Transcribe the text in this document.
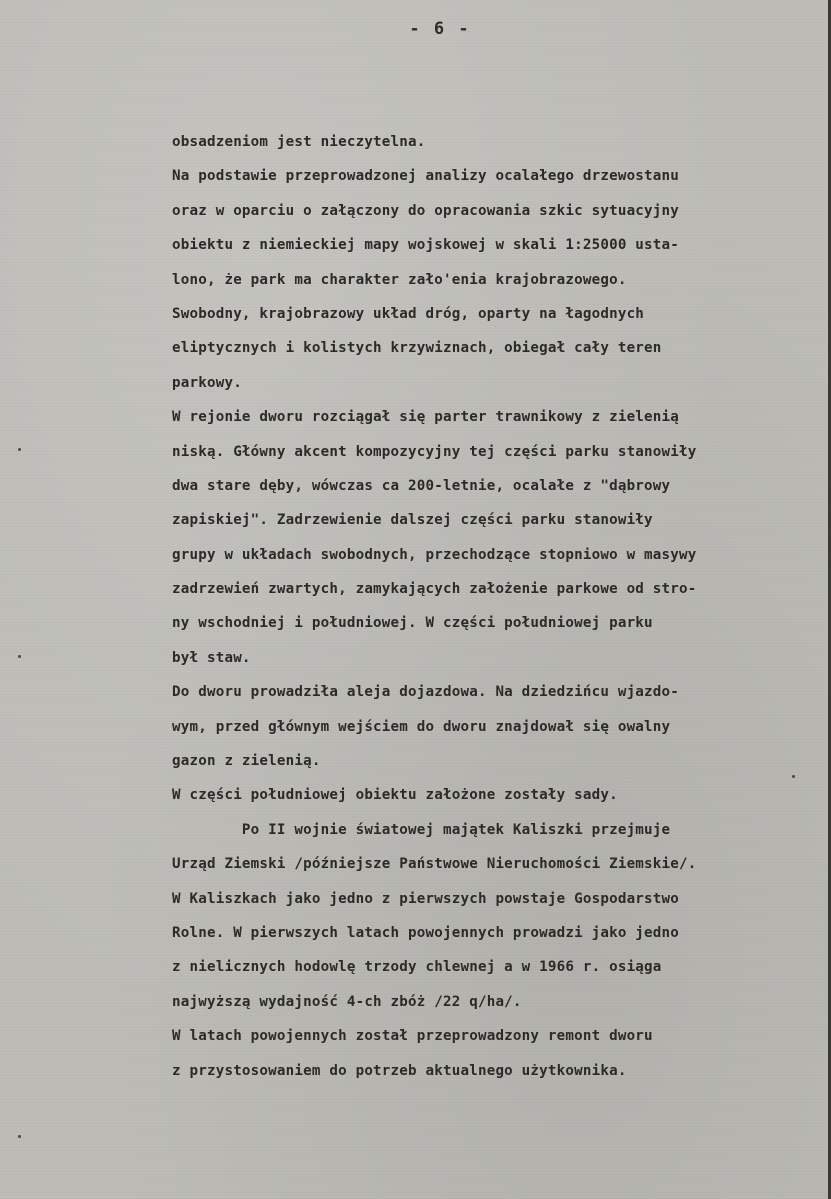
- 6 -
obsadzeniom jest nieczytelna.
Na podstawie przeprowadzonej analizy ocalałego drzewostanu
oraz w oparciu o załączony do opracowania szkic sytuacyjny
obiektu z niemieckiej mapy wojskowej w skali 1:25000 usta-
lono, że park ma charakter zało'enia krajobrazowego.
Swobodny, krajobrazowy układ dróg, oparty na łagodnych
eliptycznych i kolistych krzywiznach, obiegał cały teren
parkowy.
W rejonie dworu rozciągał się parter trawnikowy z zielenią
niską. Główny akcent kompozycyjny tej części parku stanowiły
dwa stare dęby, wówczas ca 200-letnie, ocalałe z "dąbrowy
zapiskiej". Zadrzewienie dalszej części parku stanowiły
grupy w układach swobodnych, przechodzące stopniowo w masywy
zadrzewień zwartych, zamykających założenie parkowe od stro-
ny wschodniej i południowej. W części południowej parku
był staw.
Do dworu prowadziła aleja dojazdowa. Na dziedzińcu wjazdo-
wym, przed głównym wejściem do dworu znajdował się owalny
gazon z zielenią.
W części południowej obiektu założone zostały sady.
Po II wojnie światowej majątek Kaliszki przejmuje
Urząd Ziemski /późniejsze Państwowe Nieruchomości Ziemskie/.
W Kaliszkach jako jedno z pierwszych powstaje Gospodarstwo
Rolne. W pierwszych latach powojennych prowadzi jako jedno
z nielicznych hodowlę trzody chlewnej a w 1966 r. osiąga
najwyższą wydajność 4-ch zbóż /22 q/ha/.
W latach powojennych został przeprowadzony remont dworu
z przystosowaniem do potrzeb aktualnego użytkownika.
